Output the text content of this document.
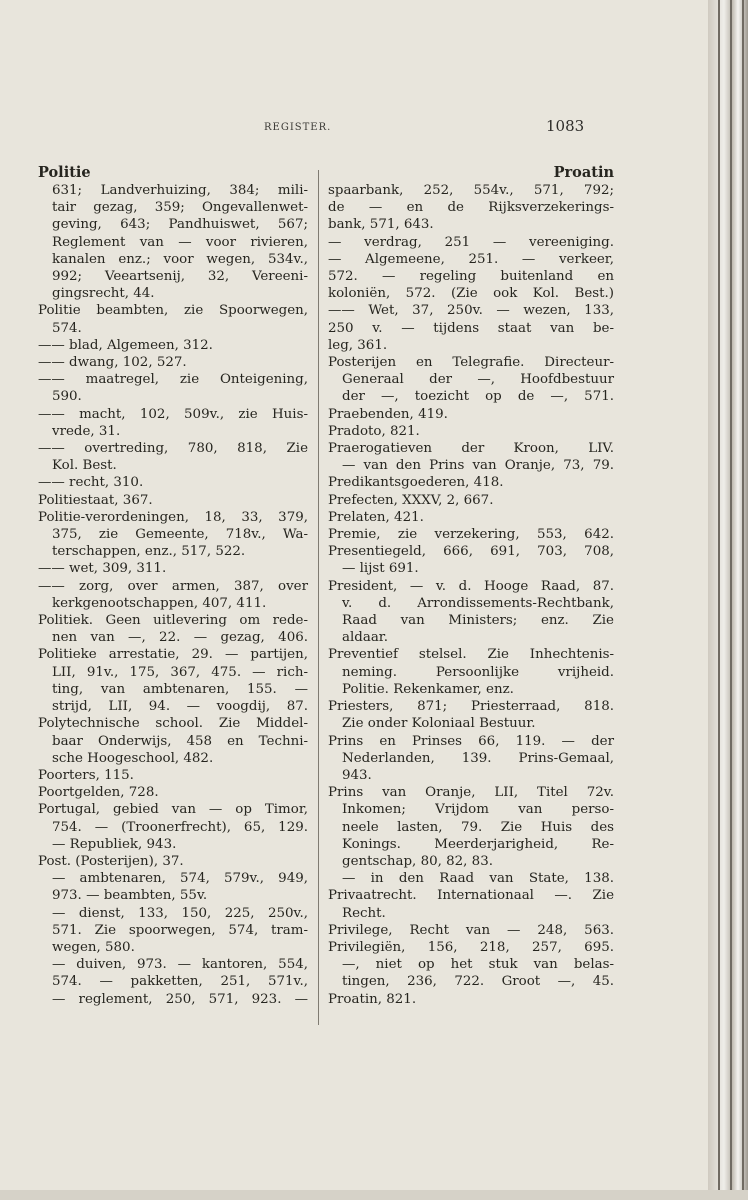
REGISTER.	1083
Politie
631; Landverhuizing, 384; mili-
tair gezag, 359; Ongevallenwet-
geving, 643; Pandhuiswet, 567;
Reglement van — voor rivieren,
kanalen enz.; voor wegen, 534v.,
992; Veeartsenij, 32, Vereeni-
gingsrecht, 44.
Politie beambten, zie Spoorwegen,
574.
—— blad, Algemeen, 312.
—— dwang, 102, 527.
—— maatregel, zie Onteigening,
590.
—— macht, 102, 509v., zie Huis-
vrede, 31.
—— overtreding, 780, 818, Zie
Kol. Best.
—— recht, 310.
Politiestaat, 367.
Politie-verordeningen, 18, 33, 379,
375, zie Gemeente, 718v., Wa-
terschappen, enz., 517, 522.
—— wet, 309, 311.
—— zorg, over armen, 387, over
kerkgenootschappen, 407, 411.
Politiek. Geen uitlevering om rede-
nen van —, 22. — gezag, 406.
Politieke arrestatie, 29. — partijen,
LII, 91v., 175, 367, 475. — rich-
ting, van ambtenaren, 155. —
strijd, LII, 94. — voogdij, 87.
Polytechnische school. Zie Middel-
baar Onderwijs, 458 en Techni-
sche Hoogeschool, 482.
Poorters, 115.
Poortgelden, 728.
Portugal, gebied van — op Timor,
754. — (Troonerfrecht), 65, 129.
— Republiek, 943.
Post. (Posterijen), 37.
— ambtenaren, 574, 579v., 949,
973. — beambten, 55v.
— dienst, 133, 150, 225, 250v.,
571. Zie spoorwegen, 574, tram-
wegen, 580.
— duiven, 973. — kantoren, 554,
574. — pakketten, 251, 571v.,
— reglement, 250, 571, 923. —
Proatin
spaarbank, 252, 554v., 571, 792;
de — en de Rijksverzekerings-
bank, 571, 643.
— verdrag, 251 — vereeniging.
— Algemeene, 251. — verkeer,
572. — regeling buitenland en
koloniën, 572. (Zie ook Kol. Best.)
—— Wet, 37, 250v. — wezen, 133,
250 v. — tijdens staat van be-
leg, 361.
Posterijen en Telegrafie. Directeur-
Generaal der —, Hoofdbestuur
der —, toezicht op de —, 571.
Praebenden, 419.
Pradoto, 821.
Praerogatieven der Kroon, LIV.
— van den Prins van Oranje, 73, 79.
Predikantsgoederen, 418.
Prefecten, XXXV, 2, 667.
Prelaten, 421.
Premie, zie verzekering, 553, 642.
Presentiegeld, 666, 691, 703, 708,
— lijst 691.
President, — v. d. Hooge Raad, 87.
v. d. Arrondissements-Rechtbank,
Raad van Ministers; enz. Zie
aldaar.
Preventief stelsel. Zie Inhechtenis-
neming. Persoonlijke vrijheid.
Politie. Rekenkamer, enz.
Priesters, 871; Priesterraad, 818.
Zie onder Koloniaal Bestuur.
Prins en Prinses 66, 119. — der
Nederlanden, 139. Prins-Gemaal,
943.
Prins van Oranje, LII, Titel 72v.
Inkomen; Vrijdom van perso-
neele lasten, 79. Zie Huis des
Konings. Meerderjarigheid, Re-
gentschap, 80, 82, 83.
— in den Raad van State, 138.
Privaatrecht. Internationaal —. Zie
Recht.
Privilege, Recht van — 248, 563.
Privilegiën, 156, 218, 257, 695.
—, niet op het stuk van belas-
tingen, 236, 722. Groot —, 45.
Proatin, 821.
